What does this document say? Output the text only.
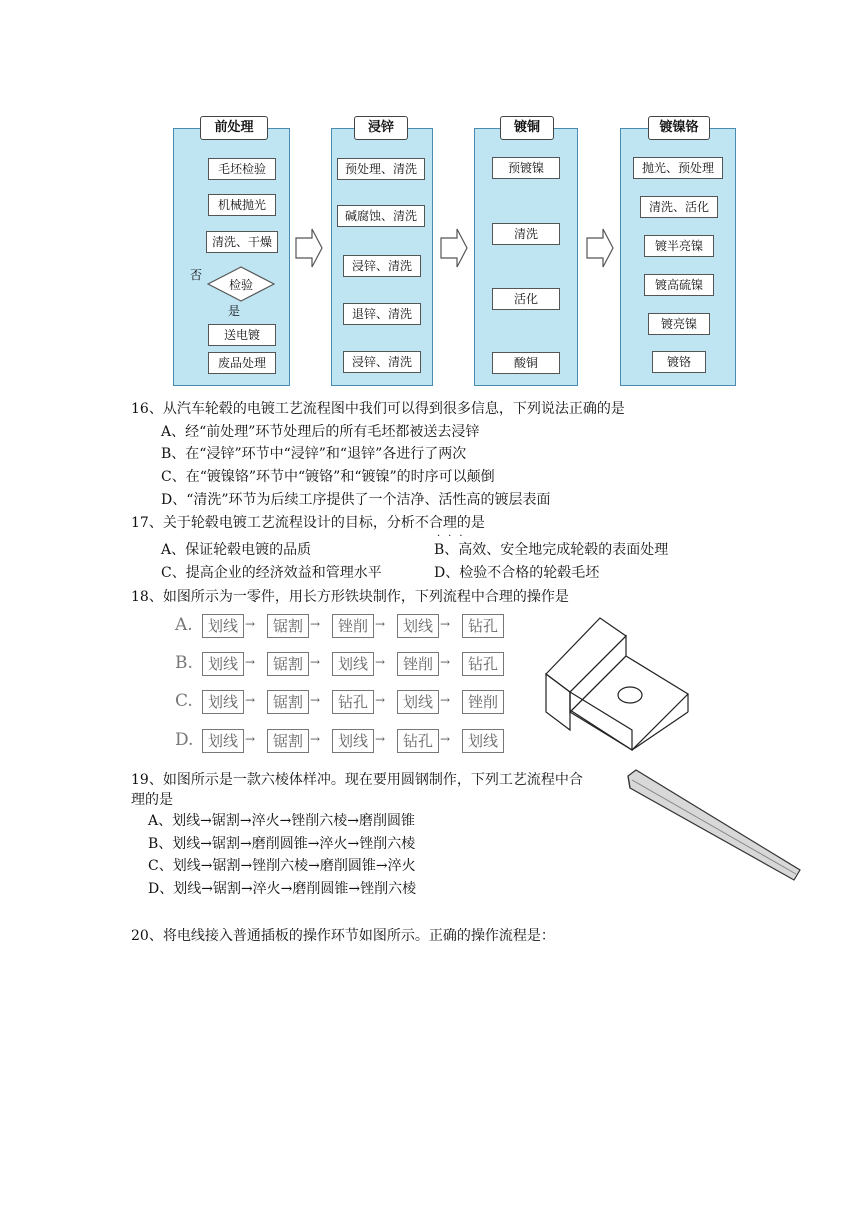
前处理
毛坯检验
机械抛光
清洗、干燥
检验
否
是
送电镀
废品处理
浸锌
预处理、清洗
碱腐蚀、清洗
浸锌、清洗
退锌、清洗
浸锌、清洗
镀铜
预镀镍
清洗
活化
酸铜
镀镍铬
抛光、预处理
清洗、活化
镀半亮镍
镀高硫镍
镀亮镍
镀铬
16、从汽车轮毂的电镀工艺流程图中我们可以得到很多信息，下列说法正确的是
A、经“前处理”环节处理后的所有毛坯都被送去浸锌
B、在“浸锌”环节中“浸锌”和“退锌”各进行了两次
C、在“镀镍铬”环节中“镀铬”和“镀镍”的时序可以颠倒
D、“清洗”环节为后续工序提供了一个洁净、活性高的镀层表面
17、关于轮毂电镀工艺流程设计的目标，分析不合理的是
···
A、保证轮毂电镀的品质	B、高效、安全地完成轮毂的表面处理
C、提高企业的经济效益和管理水平	D、检验不合格的轮毂毛坯
18、如图所示为一零件，用长方形铁块制作，下列流程中合理的操作是
A.	划线 →	锯割 →	锉削 →	划线 →	钻孔
B.	划线 →	锯割 →	划线 →	锉削 →	钻孔
C.	划线 →	锯割 →	钻孔 →	划线 →	锉削
D. 划线 →	锯割 →	划线 →	钻孔 →	划线
19、如图所示是一款六棱体样冲。现在要用圆钢制作，下列工艺流程中合
理的是
A、划线→锯割→淬火→锉削六棱→磨削圆锥
B、划线→锯割→磨削圆锥→淬火→锉削六棱
C、划线→锯割→锉削六棱→磨削圆锥→淬火
D、划线→锯割→淬火→磨削圆锥→锉削六棱
20、将电线接入普通插板的操作环节如图所示。正确的操作流程是：
